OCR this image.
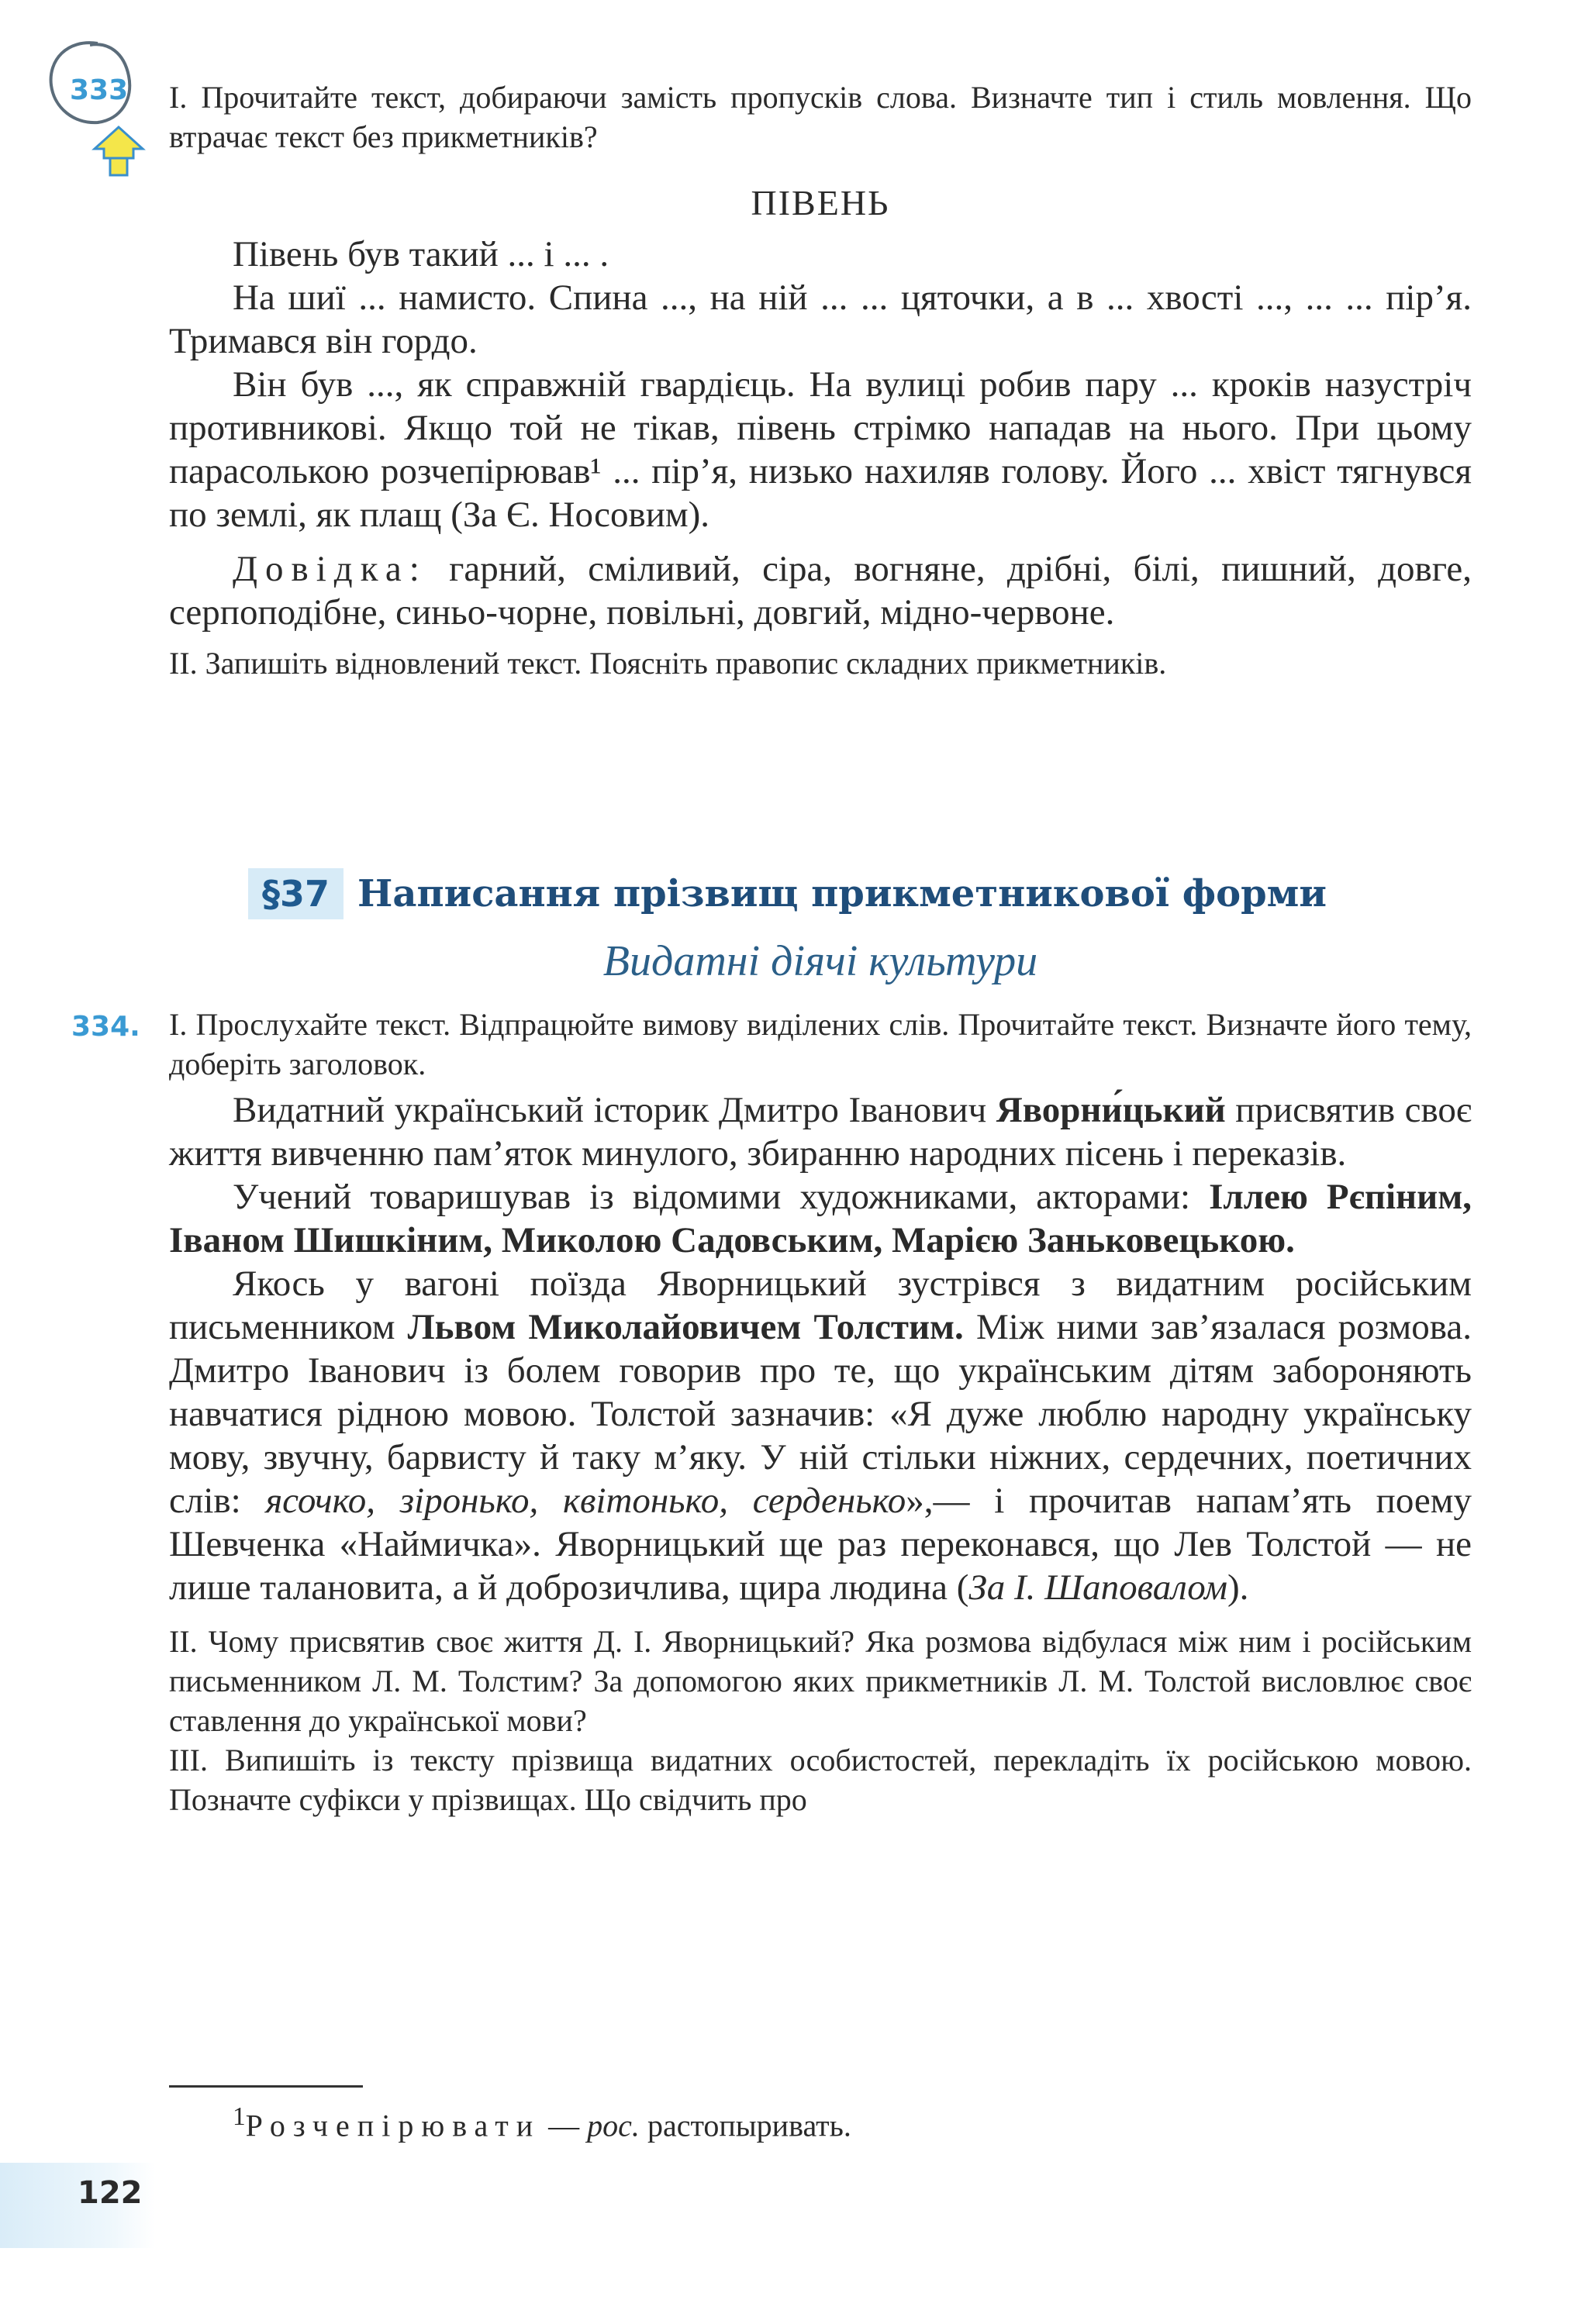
333 I. Прочитайте текст, добираючи замість пропусків слова. Визначте тип і стиль мовлення. Що втрачає текст без прикметників?

ПІВЕНЬ

Півень був такий ... і ... .

На шиї ... намисто. Спина ..., на ній ... ... цяточки, а в ... хвості ..., ... ... пір’я. Тримався він гордо.

Він був ..., як справжній гвардієць. На вулиці робив пару ... кроків назустріч противникові. Якщо той не тікав, півень стрімко нападав на нього. При цьому парасолькою розчепірював¹ ... пір’я, низько нахиляв голову. Його ... хвіст тягнувся по землі, як плащ (За Є. Носовим).

Довідка: гарний, сміливий, сіра, вогняне, дрібні, білі, пишний, довге, серпоподібне, синьо-чорне, повільні, довгий, мідно-червоне.

II. Запишіть відновлений текст. Поясніть правопис складних прикметників.

§37 Написання прізвищ прикметникової форми
Видатні діячі культури
334. I. Прослухайте текст. Відпрацюйте вимову виділених слів. Прочитайте текст. Визначте його тему, доберіть заголовок.

Видатний український історик Дмитро Іванович Яворни́цький присвятив своє життя вивченню пам’яток минулого, збиранню народних пісень і переказів.

Учений товаришував із відомими художниками, акторами: Іллею Рєпіним, Іваном Шишкіним, Миколою Садовським, Марією Заньковецькою.

Якось у вагоні поїзда Яворницький зустрівся з видатним російським письменником Львом Миколайовичем Толстим. Між ними зав’язалася розмова. Дмитро Іванович із болем говорив про те, що українським дітям забороняють навчатися рідною мовою. Толстой зазначив: «Я дуже люблю народну українську мову, звучну, барвисту й таку м’яку. У ній стільки ніжних, сердечних, поетичних слів: ясочко, зіронько, квітонько, серденько»,— і прочитав напам’ять поему Шевченка «Наймичка». Яворницький ще раз переконався, що Лев Толстой — не лише талановита, а й доброзичлива, щира людина (За І. Шаповалом).

II. Чому присвятив своє життя Д. І. Яворницький? Яка розмова відбулася між ним і російським письменником Л. М. Толстим? За допомогою яких прикметників Л. М. Толстой висловлює своє ставлення до української мови?

III. Випишіть із тексту прізвища видатних особистостей, перекладіть їх російською мовою. Позначте суфікси у прізвищах. Що свідчить про

$^1$Розчепірювати — рос. растопыривать.
122
